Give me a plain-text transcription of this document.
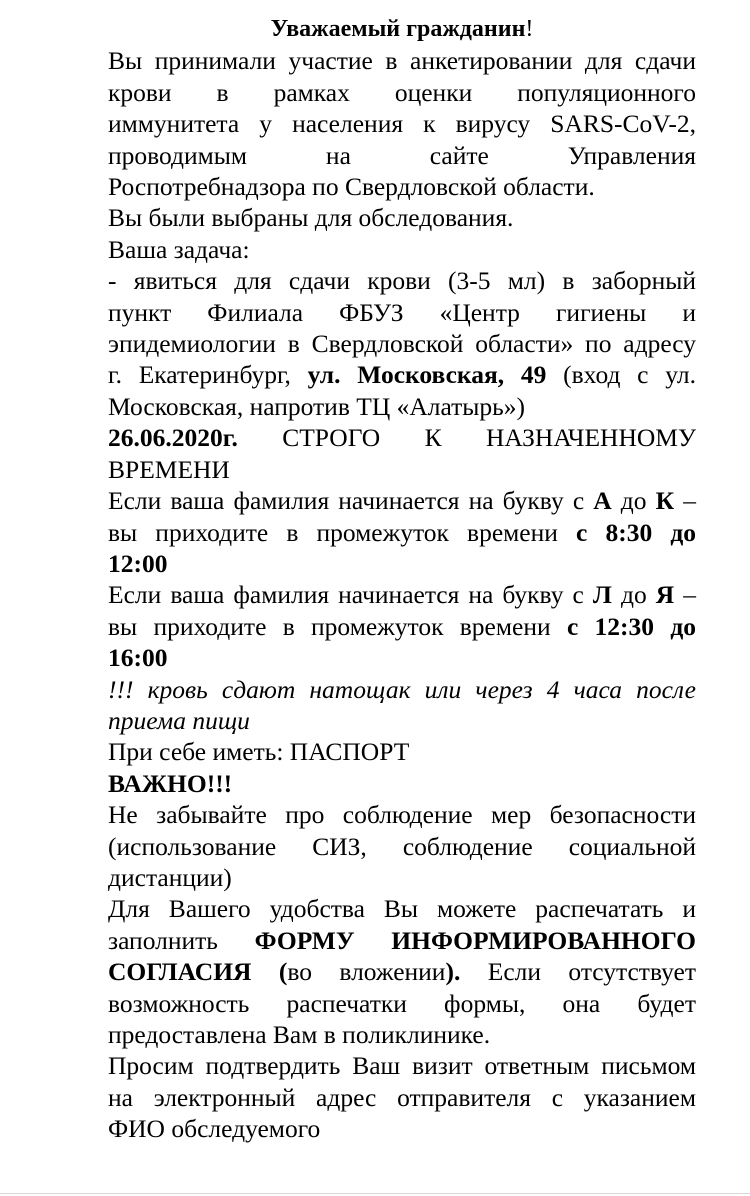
Уважаемый гражданин!
Вы принимали участие в анкетировании для сдачи
крови в рамках оценки популяционного
иммунитета у населения к вирусу SARS-CoV-2,
проводимым на сайте Управления
Роспотребнадзора по Свердловской области.
Вы были выбраны для обследования.
Ваша задача:
- явиться для сдачи крови (3-5 мл) в заборный
пункт Филиала ФБУЗ «Центр гигиены и
эпидемиологии в Свердловской области» по адресу
г. Екатеринбург, ул. Московская, 49 (вход с ул.
Московская, напротив ТЦ «Алатырь»)
26.06.2020г. СТРОГО К НАЗНАЧЕННОМУ
ВРЕМЕНИ
Если ваша фамилия начинается на букву с А до К –
вы приходите в промежуток времени с 8:30 до
12:00
Если ваша фамилия начинается на букву с Л до Я –
вы приходите в промежуток времени с 12:30 до
16:00
!!! кровь сдают натощак или через 4 часа после
приема пищи
При себе иметь: ПАСПОРТ
ВАЖНО!!!
Не забывайте про соблюдение мер безопасности
(использование СИЗ, соблюдение социальной
дистанции)
Для Вашего удобства Вы можете распечатать и
заполнить ФОРМУ ИНФОРМИРОВАННОГО
СОГЛАСИЯ (во вложении). Если отсутствует
возможность распечатки формы, она будет
предоставлена Вам в поликлинике.
Просим подтвердить Ваш визит ответным письмом
на электронный адрес отправителя с указанием
ФИО обследуемого
